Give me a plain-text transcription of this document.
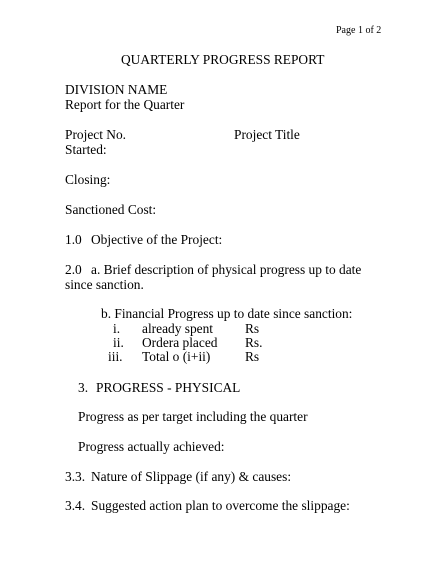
Page 1 of 2
QUARTERLY PROGRESS REPORT
DIVISION NAME
Report for the Quarter
Project No.	Project Title
Started:
Closing:
Sanctioned Cost:
1.0 Objective of the Project:
2.0 a. Brief description of physical progress up to date
since sanction.
b. Financial Progress up to date since sanction:
i. already spent Rs
ii. Ordera placed Rs.
iii. Total o (i+ii)	Rs
3. PROGRESS - PHYSICAL
Progress as per target including the quarter
Progress actually achieved:
3.3. Nature of Slippage (if any) & causes:
3.4. Suggested action plan to overcome the slippage:
